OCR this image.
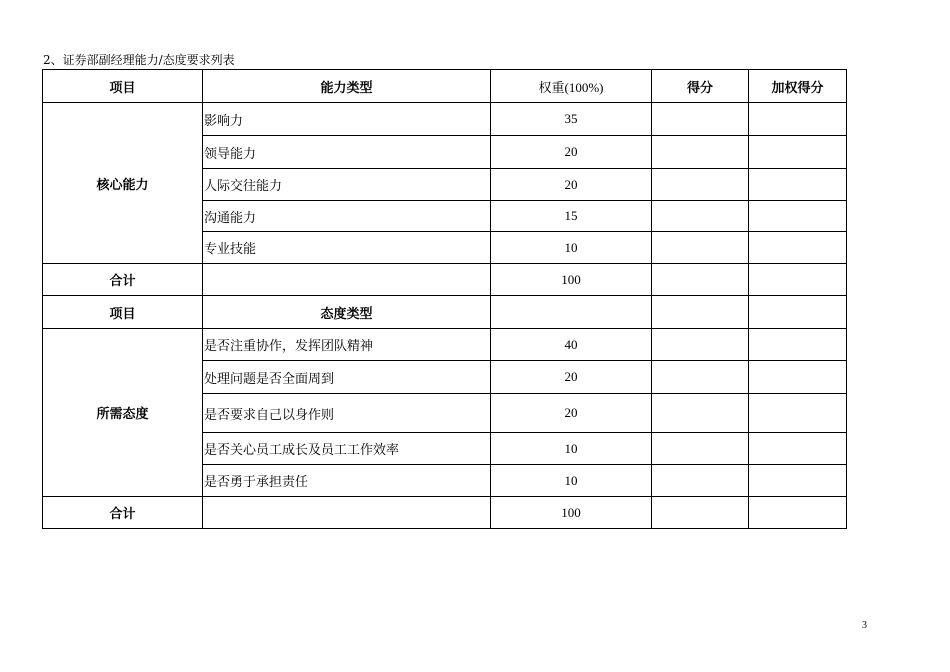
2、证券部副经理能力/态度要求列表
项目	能力类型	权重(100%)	得分	加权得分
核心能力	影响力	35		
	领导能力	20		
	人际交往能力	20		
	沟通能力	15		
	专业技能	10		
合计		100		
项目	态度类型			
所需态度	是否注重协作，发挥团队精神	40		
	处理问题是否全面周到	20		
	是否要求自己以身作则	20		
	是否关心员工成长及员工工作效率	10		
	是否勇于承担责任	10		
合计		100		
3
